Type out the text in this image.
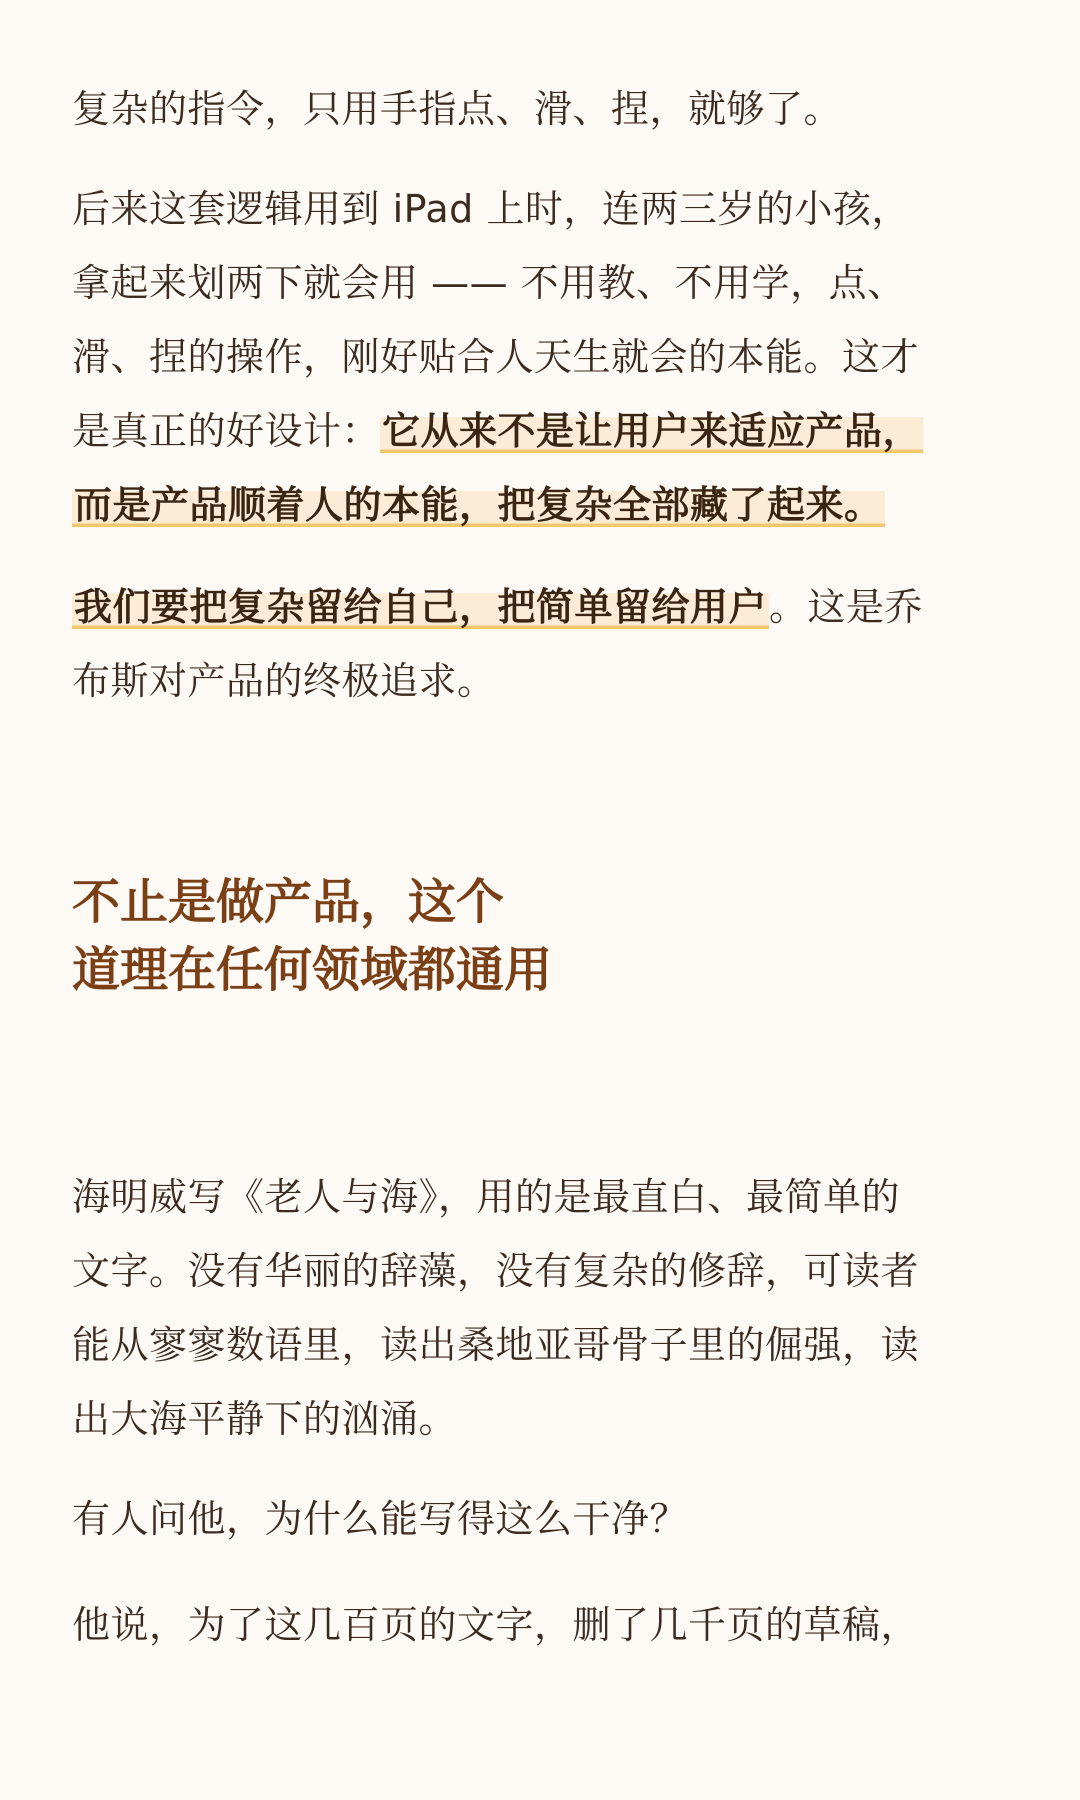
复杂的指令，只用手指点、滑、捏，就够了。

后来这套逻辑用到 iPad 上时，连两三岁的小孩，
拿起来划两下就会用 —— 不用教、不用学，点、
滑、捏的操作，刚好贴合人天生就会的本能。这才
是真正的好设计：它从来不是让用户来适应产品，
而是产品顺着人的本能，把复杂全部藏了起来。

我们要把复杂留给自己，把简单留给用户。这是乔
布斯对产品的终极追求。

不止是做产品，这个
道理在任何领域都通用

海明威写《老人与海》，用的是最直白、最简单的
文字。没有华丽的辞藻，没有复杂的修辞，可读者
能从寥寥数语里，读出桑地亚哥骨子里的倔强，读
出大海平静下的汹涌。

有人问他，为什么能写得这么干净？

他说，为了这几百页的文字，删了几千页的草稿，
